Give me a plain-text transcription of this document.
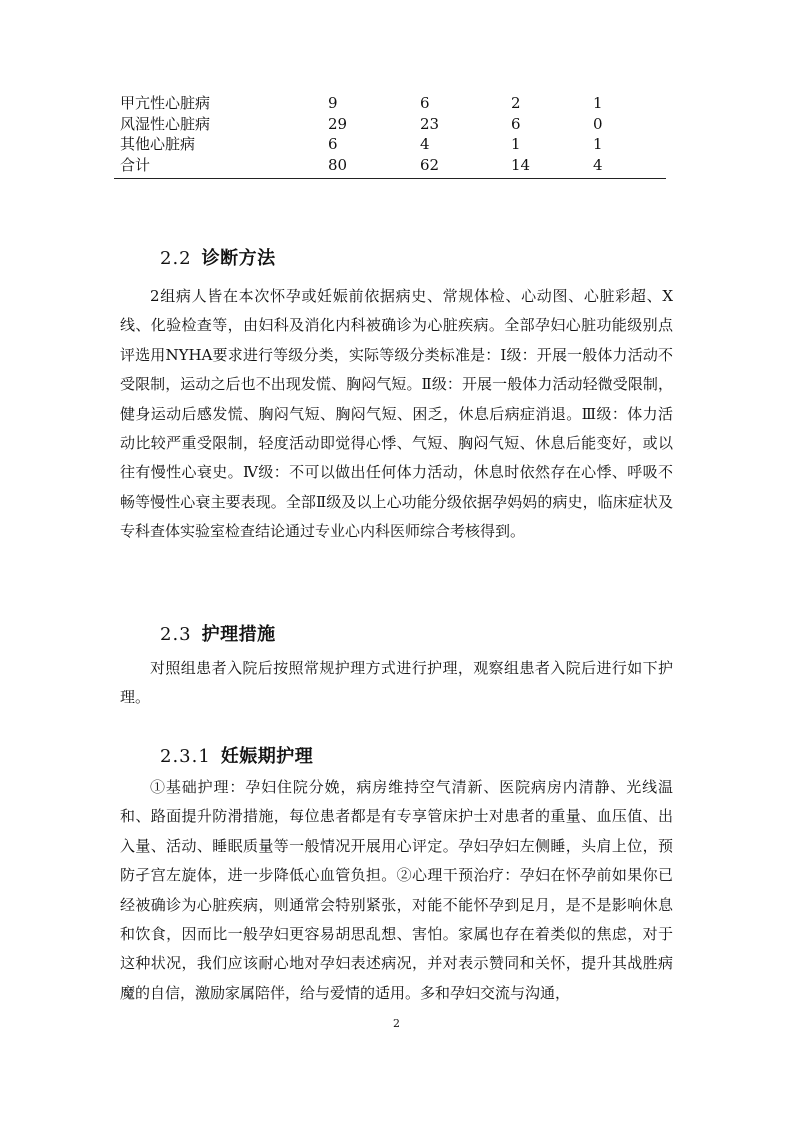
甲亢性心脏病	9	6	2	1
风湿性心脏病	29	23	6	0
其他心脏病	6	4	1	1
合计	80	62	14	4
2.2 诊断方法

2组病人皆在本次怀孕或妊娠前依据病史、常规体检、心动图、心脏彩超、X线、化验检查等，由妇科及消化内科被确诊为心脏疾病。全部孕妇心脏功能级别点评选用NYHA要求进行等级分类，实际等级分类标准是：Ⅰ级：开展一般体力活动不受限制，运动之后也不出现发慌、胸闷气短。Ⅱ级：开展一般体力活动轻微受限制，健身运动后感发慌、胸闷气短、胸闷气短、困乏，休息后病症消退。Ⅲ级：体力活动比较严重受限制，轻度活动即觉得心悸、气短、胸闷气短、休息后能变好，或以往有慢性心衰史。Ⅳ级：不可以做出任何体力活动，休息时依然存在心悸、呼吸不畅等慢性心衰主要表现。全部Ⅱ级及以上心功能分级依据孕妈妈的病史，临床症状及专科查体实验室检查结论通过专业心内科医师综合考核得到。

2.3 护理措施

对照组患者入院后按照常规护理方式进行护理，观察组患者入院后进行如下护理。

2.3.1 妊娠期护理

①基础护理：孕妇住院分娩，病房维持空气清新、医院病房内清静、光线温和、路面提升防滑措施，每位患者都是有专享管床护士对患者的重量、血压值、出入量、活动、睡眠质量等一般情况开展用心评定。孕妇孕妇左侧睡，头肩上位，预防孑宫左旋体，进一步降低心血管负担。②心理干预治疗：孕妇在怀孕前如果你已经被确诊为心脏疾病，则通常会特别紧张，对能不能怀孕到足月，是不是影响休息和饮食，因而比一般孕妇更容易胡思乱想、害怕。家属也存在着类似的焦虑，对于这种状况，我们应该耐心地对孕妇表述病况，并对表示赞同和关怀，提升其战胜病魔的自信，激励家属陪伴，给与爱情的适用。多和孕妇交流与沟通，

2
